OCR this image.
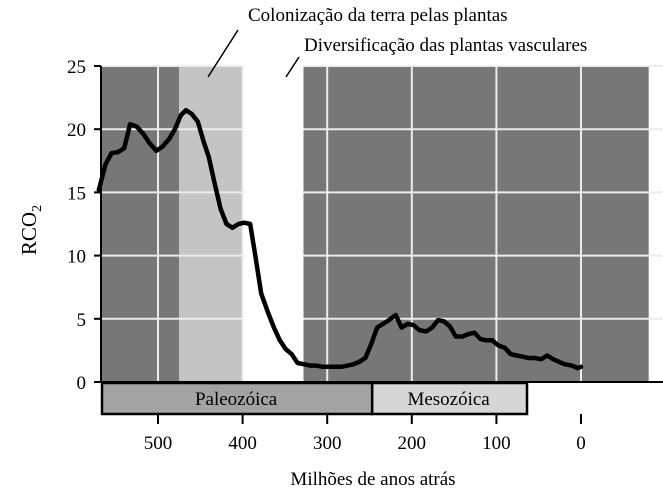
Colonização da terra pelas plantas
Diversificação das plantas vasculares
0
5
10
15
20
25
Paleozóica	Mesozóica
500	400	300	200	100	0
Milhões de anos atrás
$RCO_2$
